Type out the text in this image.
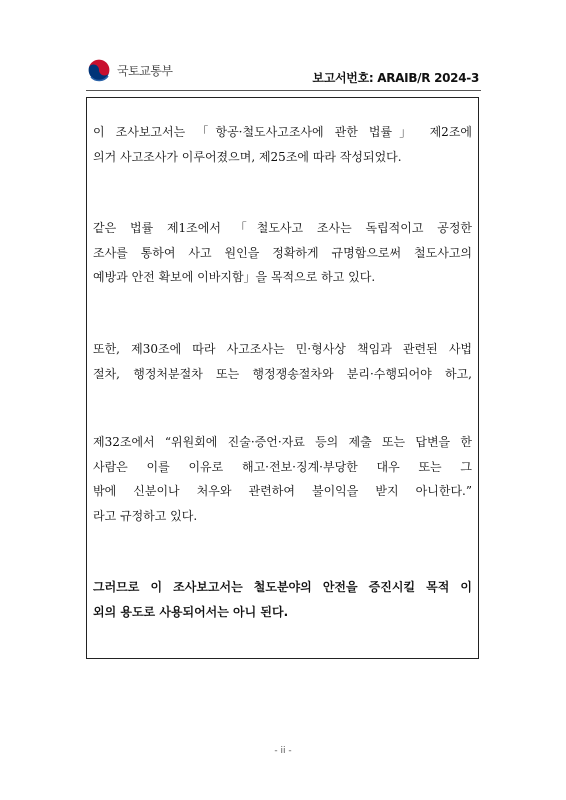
국토교통부
보고서번호: ARAIB/R 2024-3
이 조사보고서는 「항공·철도사고조사에 관한 법률」 제2조에
의거 사고조사가 이루어졌으며, 제25조에 따라 작성되었다.
같은 법률 제1조에서 「철도사고 조사는 독립적이고 공정한
조사를 통하여 사고 원인을 정확하게 규명함으로써 철도사고의
예방과 안전 확보에 이바지함」을 목적으로 하고 있다.
또한, 제30조에 따라 사고조사는 민·형사상 책임과 관련된 사법
절차, 행정처분절차 또는 행정쟁송절차와 분리·수행되어야 하고,
제32조에서 “위원회에 진술·증언·자료 등의 제출 또는 답변을 한
사람은 이를 이유로 해고·전보·징계·부당한 대우 또는 그
밖에 신분이나 처우와 관련하여 불이익을 받지 아니한다.”
라고 규정하고 있다.
그러므로 이 조사보고서는 철도분야의 안전을 증진시킬 목적 이
외의 용도로 사용되어서는 아니 된다.
- ii -
